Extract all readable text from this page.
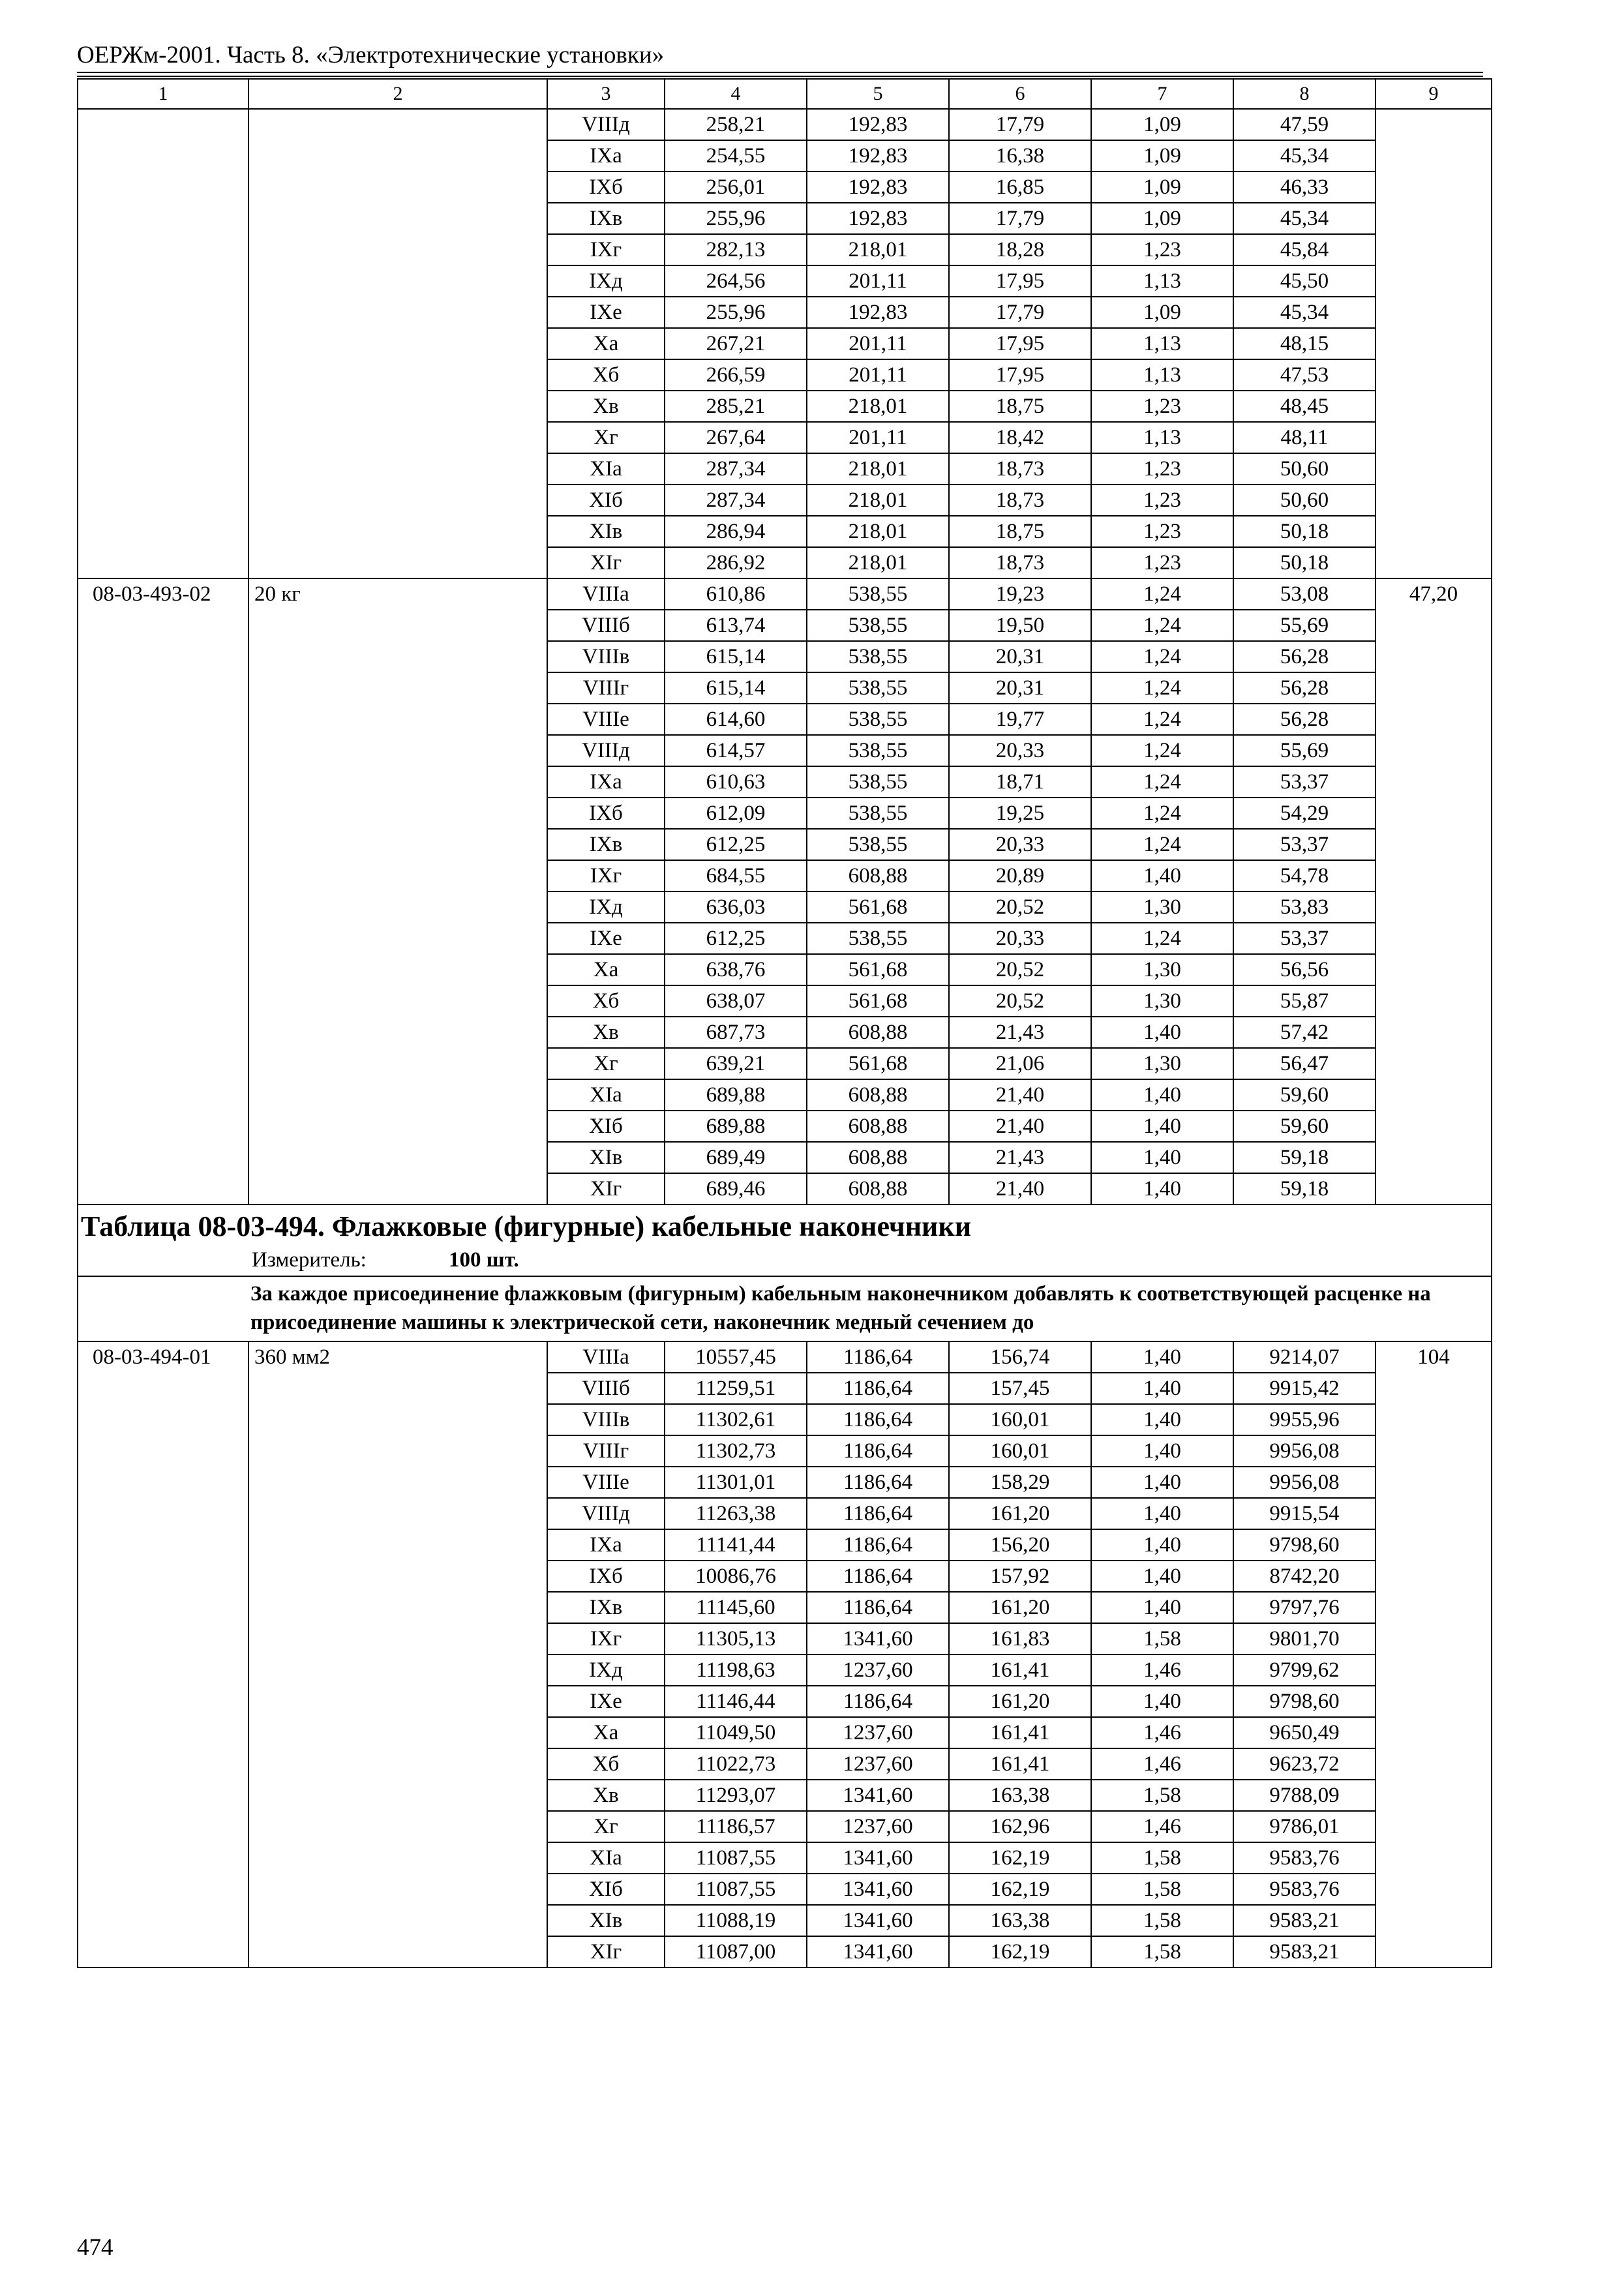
ОЕРЖм-2001. Часть 8. «Электротехнические установки»
1	2	3	4	5	6	7	8	9
		VIIIд	258,21	192,83	17,79	1,09	47,59	
		IXа	254,55	192,83	16,38	1,09	45,34	
		IXб	256,01	192,83	16,85	1,09	46,33	
		IXв	255,96	192,83	17,79	1,09	45,34	
		IXг	282,13	218,01	18,28	1,23	45,84	
		IXд	264,56	201,11	17,95	1,13	45,50	
		IXе	255,96	192,83	17,79	1,09	45,34	
		Xа	267,21	201,11	17,95	1,13	48,15	
		Xб	266,59	201,11	17,95	1,13	47,53	
		Xв	285,21	218,01	18,75	1,23	48,45	
		Xг	267,64	201,11	18,42	1,13	48,11	
		XIа	287,34	218,01	18,73	1,23	50,60	
		XIб	287,34	218,01	18,73	1,23	50,60	
		XIв	286,94	218,01	18,75	1,23	50,18	
		XIг	286,92	218,01	18,73	1,23	50,18	
08-03-493-02	20 кг	VIIIа	610,86	538,55	19,23	1,24	53,08	47,20
		VIIIб	613,74	538,55	19,50	1,24	55,69	
		VIIIв	615,14	538,55	20,31	1,24	56,28	
		VIIIг	615,14	538,55	20,31	1,24	56,28	
		VIIIе	614,60	538,55	19,77	1,24	56,28	
		VIIIд	614,57	538,55	20,33	1,24	55,69	
		IXа	610,63	538,55	18,71	1,24	53,37	
		IXб	612,09	538,55	19,25	1,24	54,29	
		IXв	612,25	538,55	20,33	1,24	53,37	
		IXг	684,55	608,88	20,89	1,40	54,78	
		IXд	636,03	561,68	20,52	1,30	53,83	
		IXе	612,25	538,55	20,33	1,24	53,37	
		Xа	638,76	561,68	20,52	1,30	56,56	
		Xб	638,07	561,68	20,52	1,30	55,87	
		Xв	687,73	608,88	21,43	1,40	57,42	
		Xг	639,21	561,68	21,06	1,30	56,47	
		XIа	689,88	608,88	21,40	1,40	59,60	
		XIб	689,88	608,88	21,40	1,40	59,60	
		XIв	689,49	608,88	21,43	1,40	59,18	
		XIг	689,46	608,88	21,40	1,40	59,18	

Таблица 08-03-494. Флажковые (фигурные) кабельные наконечники
Измеритель: 100 шт.								

За каждое присоединение флажковым (фигурным) кабельным наконечником добавлять к соответствующей расценке на присоединение машины к электрической сети, наконечник медный сечением до								

08-03-494-01	360 мм2	VIIIа	10557,45	1186,64	156,74	1,40	9214,07	104
		VIIIб	11259,51	1186,64	157,45	1,40	9915,42	
		VIIIв	11302,61	1186,64	160,01	1,40	9955,96	
		VIIIг	11302,73	1186,64	160,01	1,40	9956,08	
		VIIIе	11301,01	1186,64	158,29	1,40	9956,08	
		VIIIд	11263,38	1186,64	161,20	1,40	9915,54	
		IXа	11141,44	1186,64	156,20	1,40	9798,60	
		IXб	10086,76	1186,64	157,92	1,40	8742,20	
		IXв	11145,60	1186,64	161,20	1,40	9797,76	
		IXг	11305,13	1341,60	161,83	1,58	9801,70	
		IXд	11198,63	1237,60	161,41	1,46	9799,62	
		IXе	11146,44	1186,64	161,20	1,40	9798,60	
		Xа	11049,50	1237,60	161,41	1,46	9650,49	
		Xб	11022,73	1237,60	161,41	1,46	9623,72	
		Xв	11293,07	1341,60	163,38	1,58	9788,09	
		Xг	11186,57	1237,60	162,96	1,46	9786,01	
		XIа	11087,55	1341,60	162,19	1,58	9583,76	
		XIб	11087,55	1341,60	162,19	1,58	9583,76	
		XIв	11088,19	1341,60	163,38	1,58	9583,21	
		XIг	11087,00	1341,60	162,19	1,58	9583,21	
474
